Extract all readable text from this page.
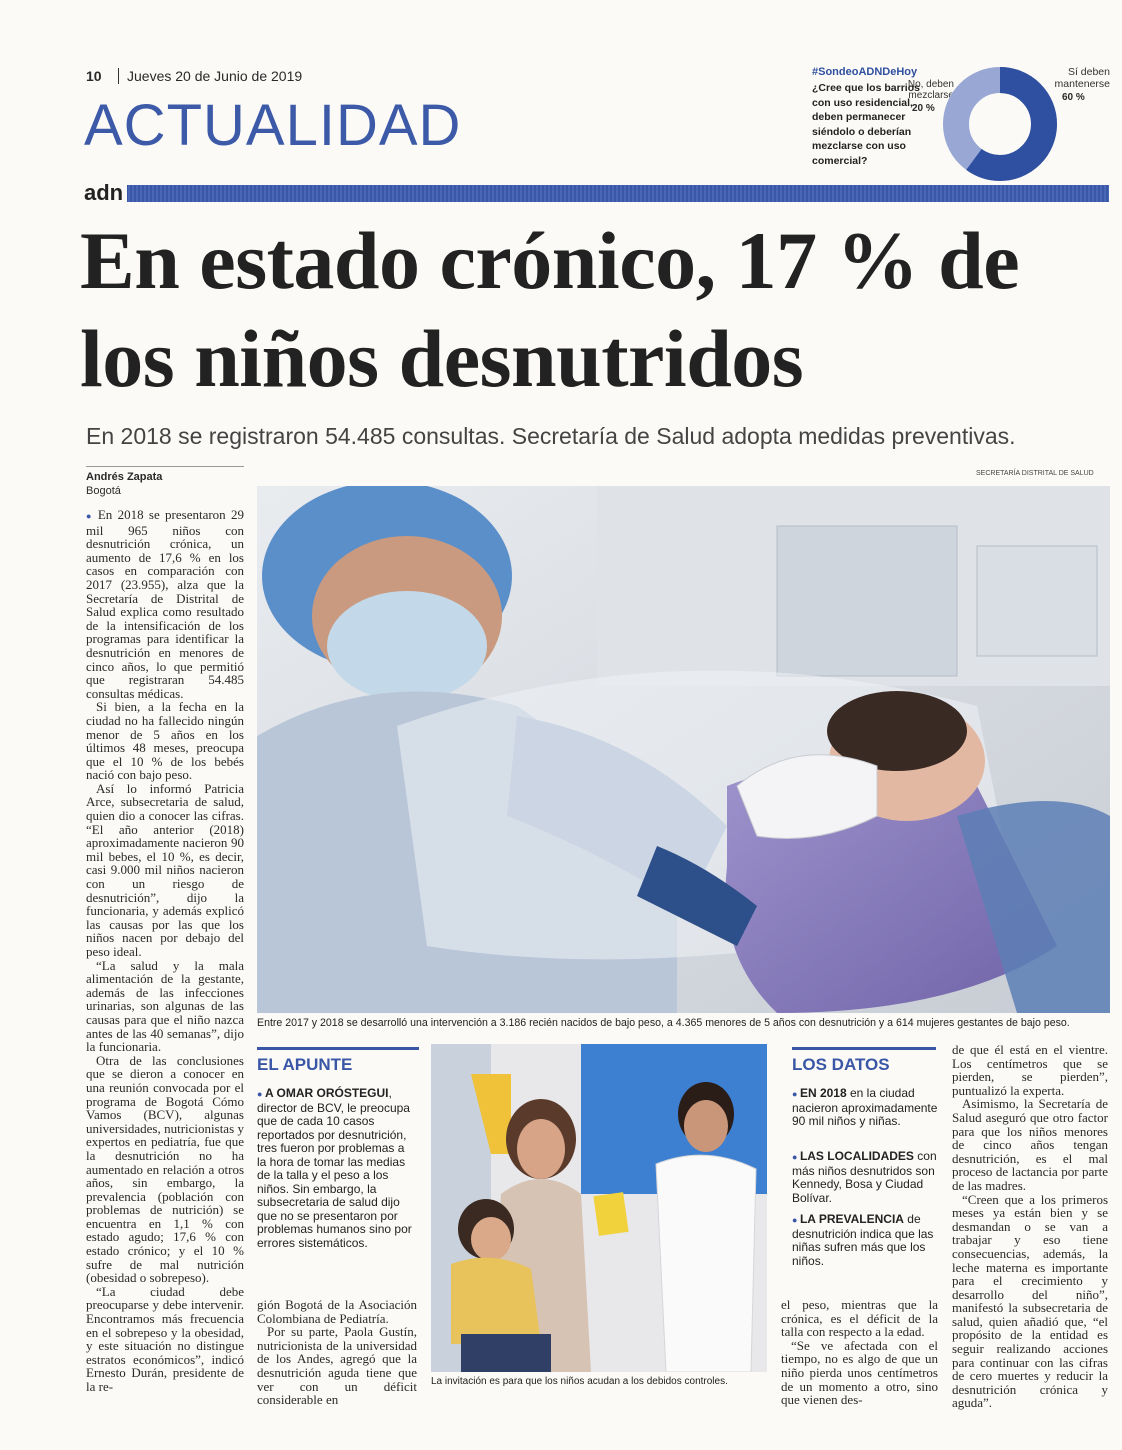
10	Jueves 20 de Junio de 2019
ACTUALIDAD
#SondeoADNDeHoy
¿Cree que los barrios con uso residencial, deben permanecer siéndolo o deberían mezclarse con uso comercial?
No, deben mezclarse
20 %
Sí deben mantenerse
60 %
adn
En estado crónico, 17 % de los niños desnutridos
En 2018 se registraron 54.485 consultas. Secretaría de Salud adopta medidas preventivas.
Andrés Zapata
Bogotá
SECRETARÍA DISTRITAL DE SALUD

● En 2018 se presentaron 29 mil 965 niños con desnutrición crónica, un aumento de 17,6 % en los casos en comparación con 2017 (23.955), alza que la Secretaría de Distrital de Salud explica como resultado de la intensificación de los programas para identificar la desnutrición en menores de cinco años, lo que permitió que registraran 54.485 consultas médicas.

Si bien, a la fecha en la ciudad no ha fallecido ningún menor de 5 años en los últimos 48 meses, preocupa que el 10 % de los bebés nació con bajo peso.

Así lo informó Patricia Arce, subsecretaria de salud, quien dio a conocer las cifras. “El año anterior (2018) aproximadamente nacieron 90 mil bebes, el 10 %, es decir, casi 9.000 mil niños nacieron con un riesgo de desnutrición”, dijo la funcionaria, y además explicó las causas por las que los niños nacen por debajo del peso ideal.

“La salud y la mala alimentación de la gestante, además de las infecciones urinarias, son algunas de las causas para que el niño nazca antes de las 40 semanas”, dijo la funcionaria.

Otra de las conclusiones que se dieron a conocer en una reunión convocada por el programa de Bogotá Cómo Vamos (BCV), algunas universidades, nutricionistas y expertos en pediatría, fue que la desnutrición no ha aumentado en relación a otros años, sin embargo, la prevalencia (población con problemas de nutrición) se encuentra en 1,1 % con estado agudo; 17,6 % con estado crónico; y el 10 % sufre de mal nutrición (obesidad o sobrepeso).

“La ciudad debe preocuparse y debe intervenir. Encontramos más frecuencia en el sobrepeso y la obesidad, y este situación no distingue estratos económicos”, indicó Ernesto Durán, presidente de la re-

Entre 2017 y 2018 se desarrolló una intervención a 3.186 recién nacidos de bajo peso, a 4.365 menores de 5 años con desnutrición y a 614 mujeres gestantes de bajo peso.
EL APUNTE
● A OMAR ORÓSTEGUI, director de BCV, le preocupa que de cada 10 casos reportados por desnutrición, tres fueron por problemas a la hora de tomar las medias de la talla y el peso a los niños. Sin embargo, la subsecretaria de salud dijo que no se presentaron por problemas humanos sino por errores sistemáticos.

gión Bogotá de la Asociación Colombiana de Pediatría.

Por su parte, Paola Gustín, nutricionista de la universidad de los Andes, agregó que la desnutrición aguda tiene que ver con un déficit considerable en

La invitación es para que los niños acudan a los debidos controles.
LOS DATOS
● EN 2018 en la ciudad nacieron aproximadamente 90 mil niños y niñas.
● LAS LOCALIDADES con más niños desnutridos son Kennedy, Bosa y Ciudad Bolívar.
● LA PREVALENCIA de desnutrición indica que las niñas sufren más que los niños.

el peso, mientras que la crónica, es el déficit de la talla con respecto a la edad.

“Se ve afectada con el tiempo, no es algo de que un niño pierda unos centímetros de un momento a otro, sino que vienen des-

de que él está en el vientre. Los centímetros que se pierden, se pierden”, puntualizó la experta.

Asimismo, la Secretaría de Salud aseguró que otro factor para que los niños menores de cinco años tengan desnutrición, es el mal proceso de lactancia por parte de las madres.

“Creen que a los primeros meses ya están bien y se desmandan o se van a trabajar y eso tiene consecuencias, además, la leche materna es importante para el crecimiento y desarrollo del niño”, manifestó la subsecretaria de salud, quien añadió que, “el propósito de la entidad es seguir realizando acciones para continuar con las cifras de cero muertes y reducir la desnutrición crónica y aguda”.
